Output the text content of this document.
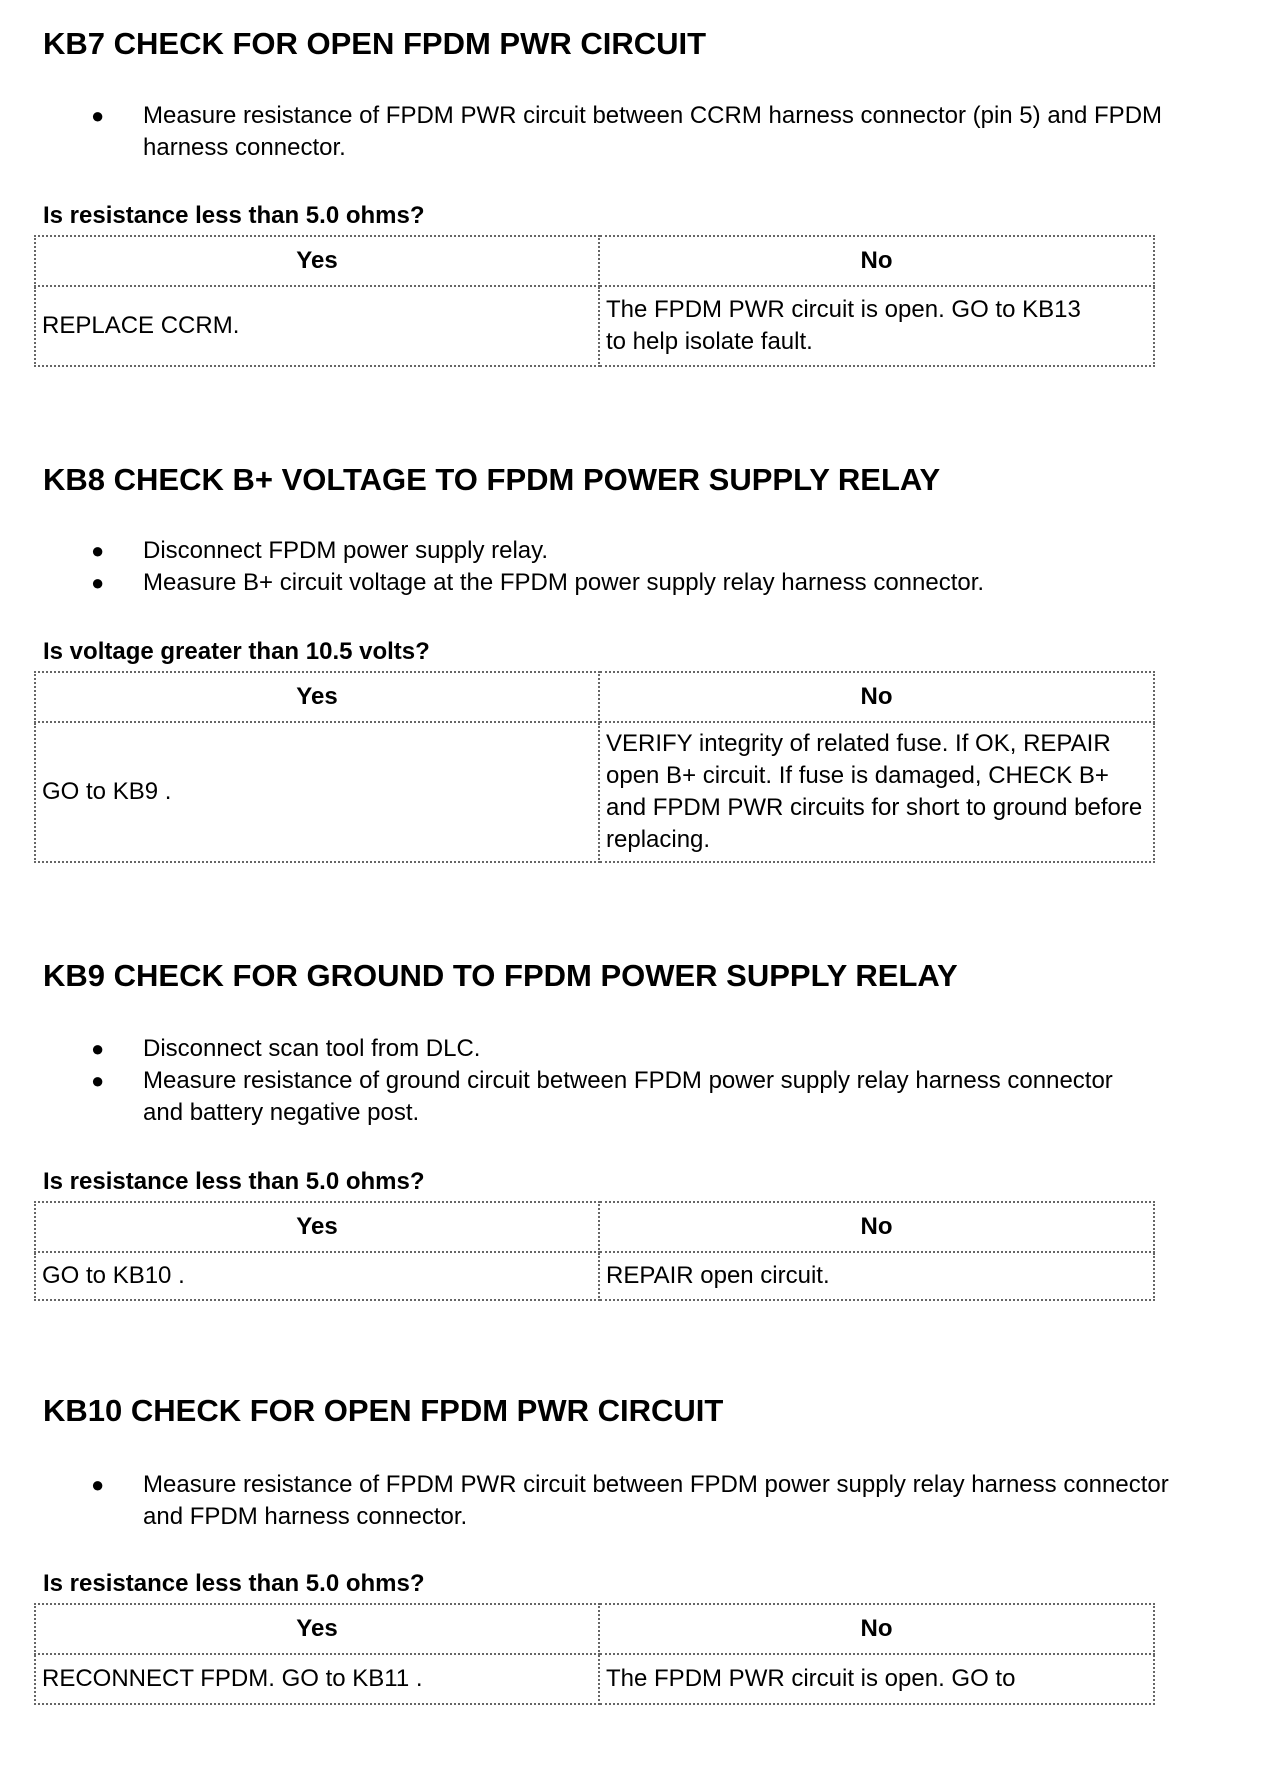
KB7 CHECK FOR OPEN FPDM PWR CIRCUIT
● Measure resistance of FPDM PWR circuit between CCRM harness connector (pin 5) and FPDM harness connector.

Is resistance less than 5.0 ohms?

Yes	No
REPLACE CCRM.	The FPDM PWR circuit is open. GO to KB13 to help isolate fault.
KB8 CHECK B+ VOLTAGE TO FPDM POWER SUPPLY RELAY
● Disconnect FPDM power supply relay.
● Measure B+ circuit voltage at the FPDM power supply relay harness connector.

Is voltage greater than 10.5 volts?

Yes	No
GO to KB9 .	VERIFY integrity of related fuse. If OK, REPAIR open B+ circuit. If fuse is damaged, CHECK B+ and FPDM PWR circuits for short to ground before replacing.
KB9 CHECK FOR GROUND TO FPDM POWER SUPPLY RELAY
● Disconnect scan tool from DLC.
● Measure resistance of ground circuit between FPDM power supply relay harness connector and battery negative post.

Is resistance less than 5.0 ohms?

Yes	No
GO to KB10 .	REPAIR open circuit.
KB10 CHECK FOR OPEN FPDM PWR CIRCUIT
● Measure resistance of FPDM PWR circuit between FPDM power supply relay harness connector and FPDM harness connector.

Is resistance less than 5.0 ohms?

Yes	No
RECONNECT FPDM. GO to KB11 .	The FPDM PWR circuit is open. GO to
